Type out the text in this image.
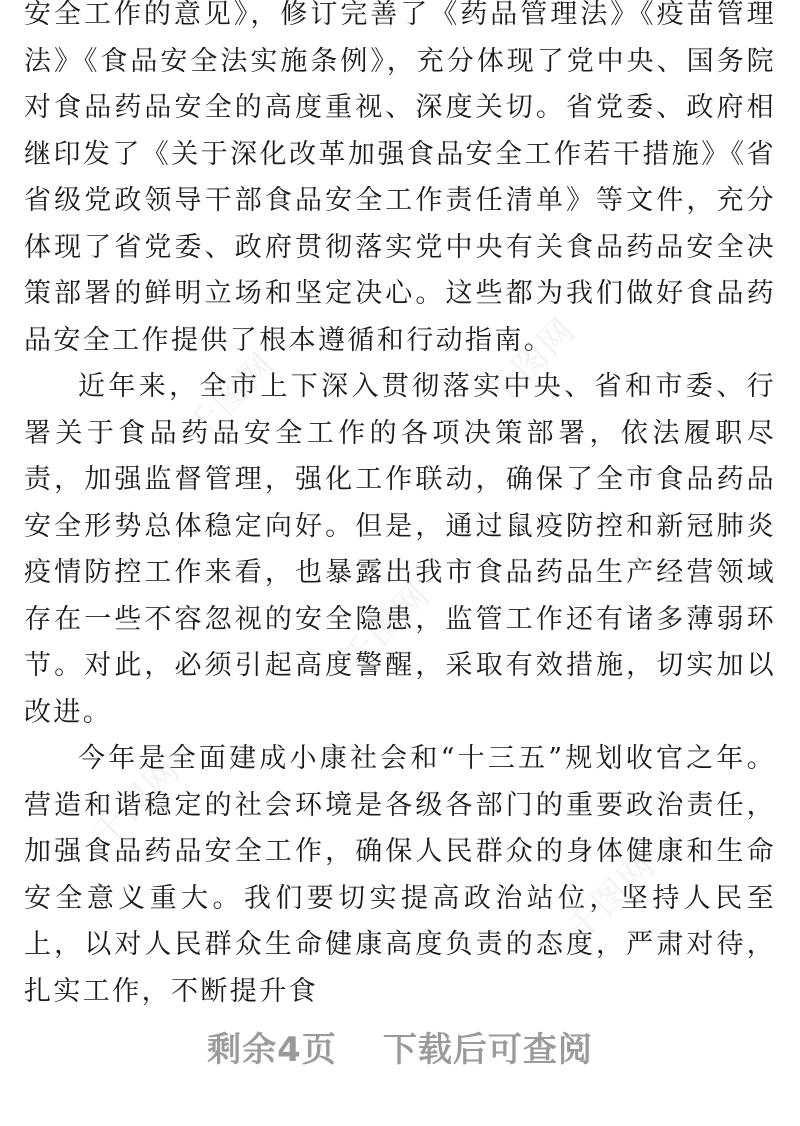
安全工作的意见》，修订完善了《药品管理法》《疫苗管理法》《食品安全法实施条例》，充分体现了党中央、国务院对食品药品安全的高度重视、深度关切。省党委、政府相继印发了《关于深化改革加强食品安全工作若干措施》《省省级党政领导干部食品安全工作责任清单》等文件，充分体现了省党委、政府贯彻落实党中央有关食品药品安全决策部署的鲜明立场和坚定决心。这些都为我们做好食品药品安全工作提供了根本遵循和行动指南。

近年来，全市上下深入贯彻落实中央、省和市委、行署关于食品药品安全工作的各项决策部署，依法履职尽责，加强监督管理，强化工作联动，确保了全市食品药品安全形势总体稳定向好。但是，通过鼠疫防控和新冠肺炎疫情防控工作来看，也暴露出我市食品药品生产经营领域存在一些不容忽视的安全隐患，监管工作还有诸多薄弱环节。对此，必须引起高度警醒，采取有效措施，切实加以改进。

今年是全面建成小康社会和“十三五”规划收官之年。营造和谐稳定的社会环境是各级各部门的重要政治责任，加强食品药品安全工作，确保人民群众的身体健康和生命安全意义重大。我们要切实提高政治站位，坚持人民至上，以对人民群众生命健康高度负责的态度，严肃对待，扎实工作，不断提升食

千图网	千图网
千图网
千图网
千图网
剩余4页 下载后可查阅
